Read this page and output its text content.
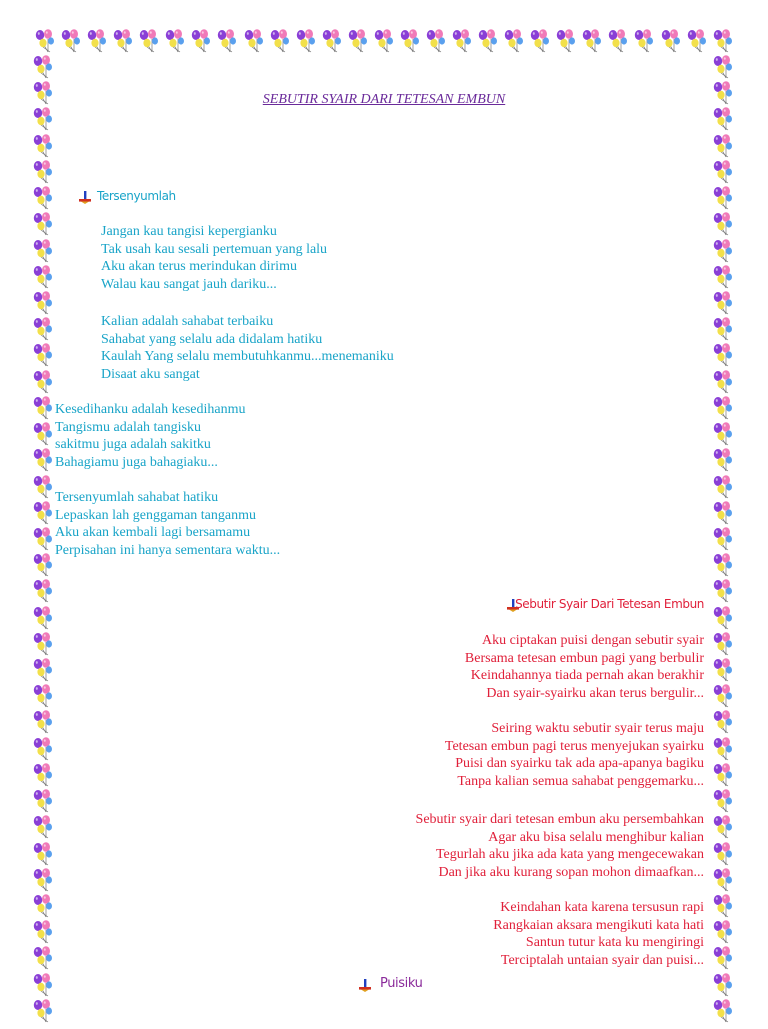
SEBUTIR SYAIR DARI TETESAN EMBUN
Tersenyumlah
Jangan kau tangisi kepergianku
Tak usah kau sesali pertemuan yang lalu
Aku akan terus merindukan dirimu
Walau kau sangat jauh dariku...
Kalian adalah sahabat terbaiku
Sahabat yang selalu ada didalam hatiku
Kaulah Yang selalu membutuhkanmu...menemaniku
Disaat aku sangat
Kesedihanku adalah kesedihanmu
Tangismu adalah tangisku
sakitmu juga adalah sakitku
Bahagiamu juga bahagiaku...
Tersenyumlah sahabat hatiku
Lepaskan lah genggaman tanganmu
Aku akan kembali lagi bersamamu
Perpisahan ini hanya sementara waktu...
Sebutir Syair Dari Tetesan Embun
Aku ciptakan puisi dengan sebutir syair
Bersama tetesan embun pagi yang berbulir
Keindahannya tiada pernah akan berakhir
Dan syair-syairku akan terus bergulir...
Seiring waktu sebutir syair terus maju
Tetesan embun pagi terus menyejukan syairku
Puisi dan syairku tak ada apa-apanya bagiku
Tanpa kalian semua sahabat penggemarku...
Sebutir syair dari tetesan embun aku persembahkan
Agar aku bisa selalu menghibur kalian
Tegurlah aku jika ada kata yang mengecewakan
Dan jika aku kurang sopan mohon dimaafkan...
Keindahan kata karena tersusun rapi
Rangkaian aksara mengikuti kata hati
Santun tutur kata ku mengiringi
Terciptalah untaian syair dan puisi...
Puisiku
